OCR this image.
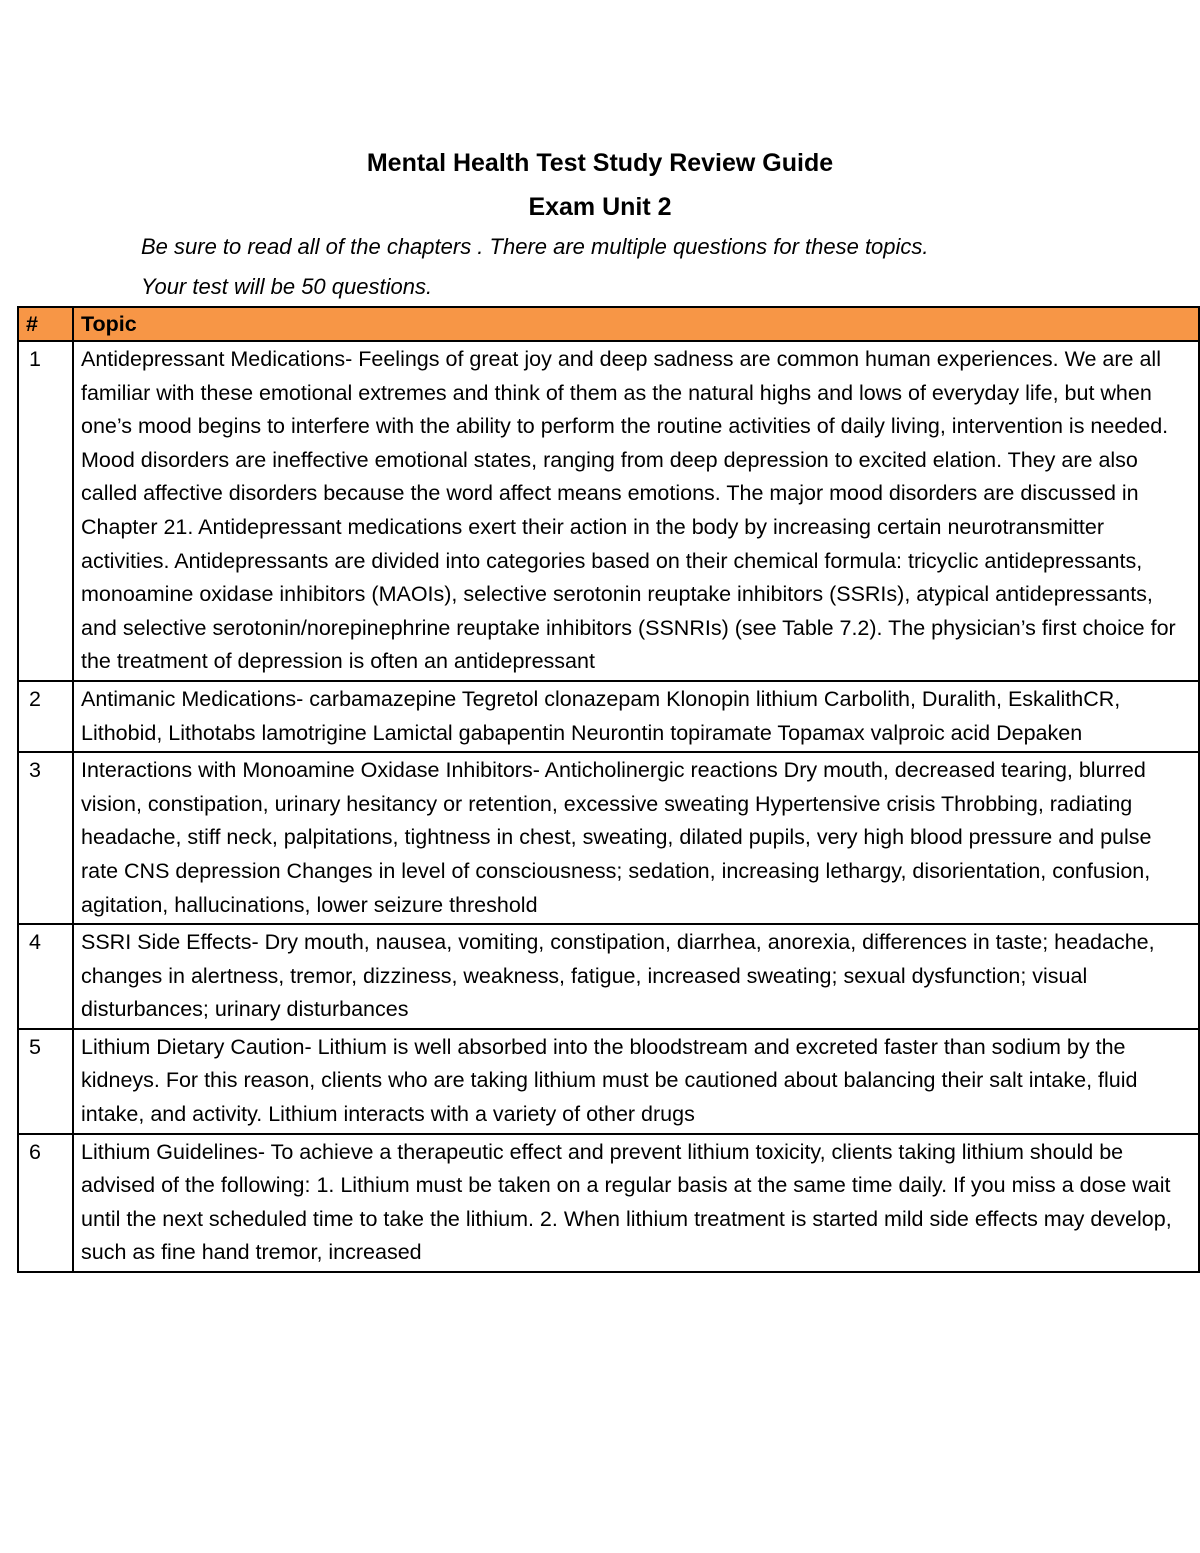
Mental Health Test Study Review Guide
Exam Unit 2
Be sure to read all of the chapters . There are multiple questions for these topics.
Your test will be 50 questions.
#	Topic
1	Antidepressant Medications- Feelings of great joy and deep sadness are common human experiences. We are all familiar with these emotional extremes and think of them as the natural highs and lows of everyday life, but when one’s mood begins to interfere with the ability to perform the routine activities of daily living, intervention is needed. Mood disorders are ineffective emotional states, ranging from deep depression to excited elation. They are also called affective disorders because the word affect means emotions. The major mood disorders are discussed in Chapter 21. Antidepressant medications exert their action in the body by increasing certain neurotransmitter activities. Antidepressants are divided into categories based on their chemical formula: tricyclic antidepressants, monoamine oxidase inhibitors (MAOIs), selective serotonin reuptake inhibitors (SSRIs), atypical antidepressants, and selective serotonin/norepinephrine reuptake inhibitors (SSNRIs) (see Table 7.2). The physician’s first choice for the treatment of depression is often an antidepressant
2	Antimanic Medications- carbamazepine Tegretol clonazepam Klonopin lithium Carbolith, Duralith, EskalithCR, Lithobid, Lithotabs lamotrigine Lamictal gabapentin Neurontin topiramate Topamax valproic acid Depaken
3	Interactions with Monoamine Oxidase Inhibitors- Anticholinergic reactions Dry mouth, decreased tearing, blurred vision, constipation, urinary hesitancy or retention, excessive sweating Hypertensive crisis Throbbing, radiating headache, stiff neck, palpitations, tightness in chest, sweating, dilated pupils, very high blood pressure and pulse rate CNS depression Changes in level of consciousness; sedation, increasing lethargy, disorientation, confusion, agitation, hallucinations, lower seizure threshold
4	SSRI Side Effects- Dry mouth, nausea, vomiting, constipation, diarrhea, anorexia, differences in taste; headache, changes in alertness, tremor, dizziness, weakness, fatigue, increased sweating; sexual dysfunction; visual disturbances; urinary disturbances
5	Lithium Dietary Caution- Lithium is well absorbed into the bloodstream and excreted faster than sodium by the kidneys. For this reason, clients who are taking lithium must be cautioned about balancing their salt intake, fluid intake, and activity. Lithium interacts with a variety of other drugs
6	Lithium Guidelines- To achieve a therapeutic effect and prevent lithium toxicity, clients taking lithium should be advised of the following: 1. Lithium must be taken on a regular basis at the same time daily. If you miss a dose wait until the next scheduled time to take the lithium. 2. When lithium treatment is started mild side effects may develop, such as fine hand tremor, increased
